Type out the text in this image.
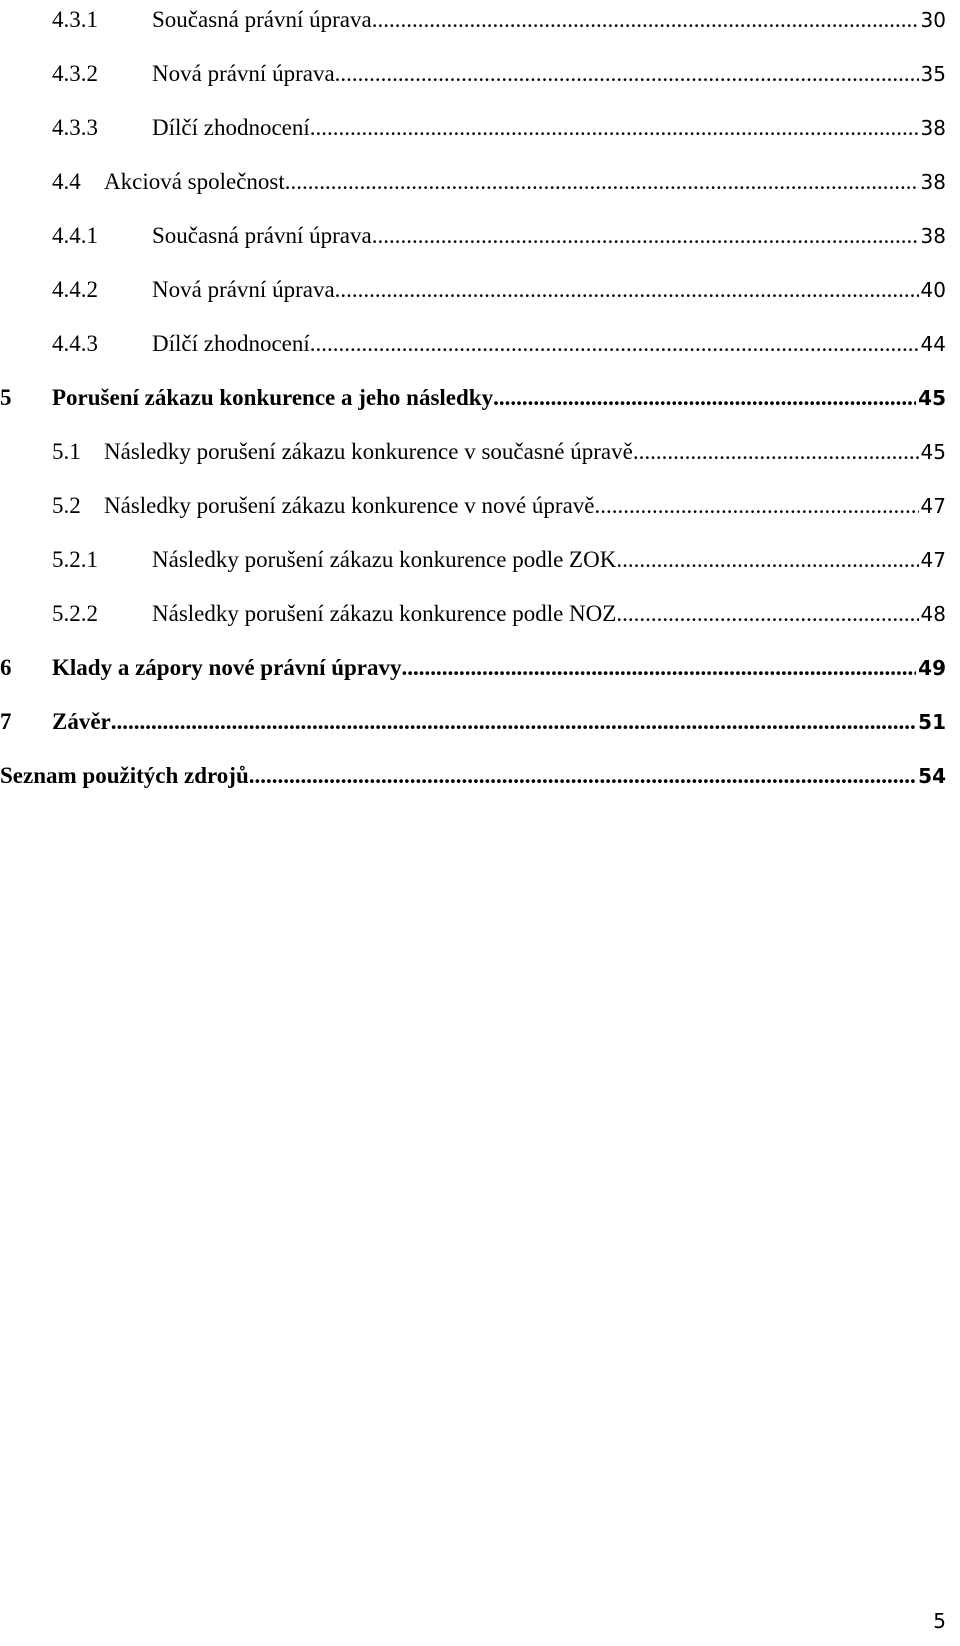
4.3.1	Současná právní úprava .....	30
4.3.2	Nová právní úprava .....	35
4.3.3	Dílčí zhodnocení .....	38
4.4	Akciová společnost .....	38
4.4.1	Současná právní úprava .....	38
4.4.2	Nová právní úprava .....	40
4.4.3	Dílčí zhodnocení .....	44
5	Porušení zákazu konkurence a jeho následky .....	45
5.1	Následky porušení zákazu konkurence v současné úpravě .....	45
5.2	Následky porušení zákazu konkurence v nové úpravě .....	47
5.2.1	Následky porušení zákazu konkurence podle ZOK .....	47
5.2.2	Následky porušení zákazu konkurence podle NOZ .....	48
6	Klady a zápory nové právní úpravy .....	49
7	Závěr .....	51
Seznam použitých zdrojů .....	54
5
